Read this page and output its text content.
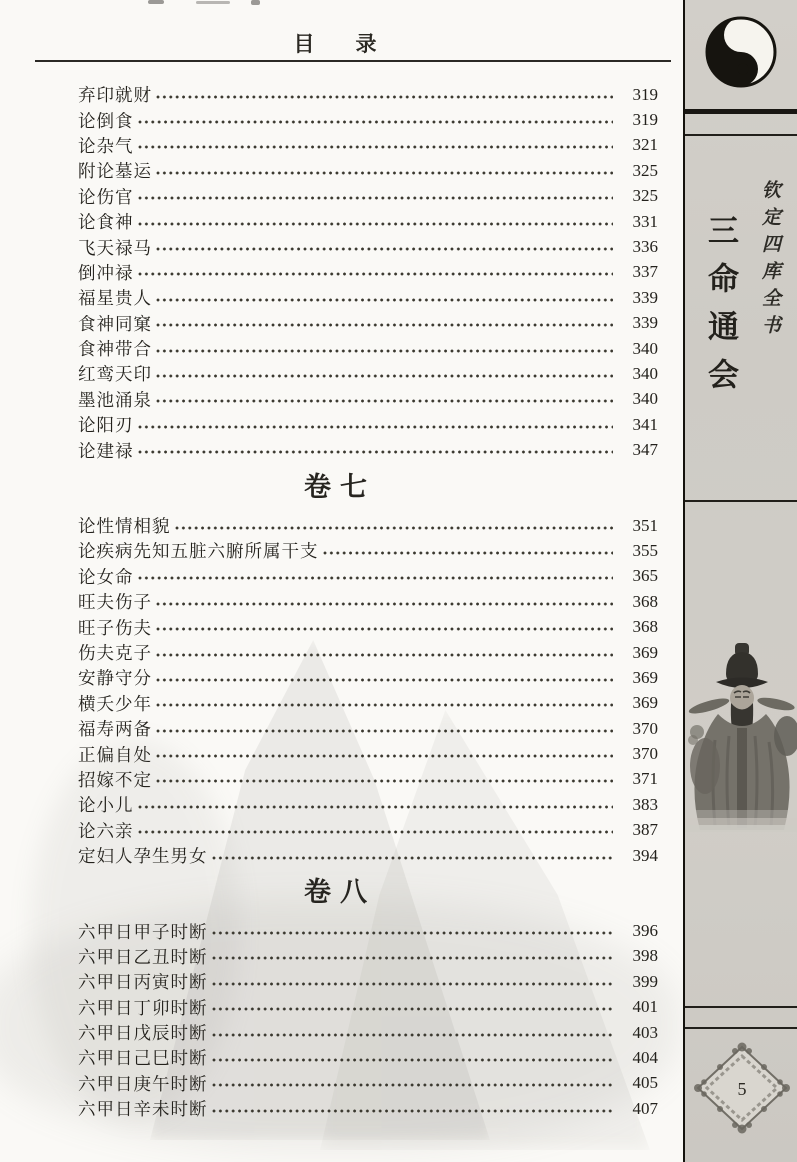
目　录
弃印就财	319
论倒食	319
论杂气	321
附论墓运	325
论伤官	325
论食神	331
飞天禄马	336
倒冲禄	337
福星贵人	339
食神同窠	339
食神带合	340
红鸾天印	340
墨池涌泉	340
论阳刃	341
论建禄	347
卷七
论性情相貌	351
论疾病先知五脏六腑所属干支	355
论女命	365
旺夫伤子	368
旺子伤夫	368
伤夫克子	369
安静守分	369
横夭少年	369
福寿两备	370
正偏自处	370
招嫁不定	371
论小儿	383
论六亲	387
定妇人孕生男女	394
卷八
六甲日甲子时断	396
六甲日乙丑时断	398
六甲日丙寅时断	399
六甲日丁卯时断	401
六甲日戊辰时断	403
六甲日己巳时断	404
六甲日庚午时断	405
六甲日辛未时断	407
钦定四库全书
三命通会
5
